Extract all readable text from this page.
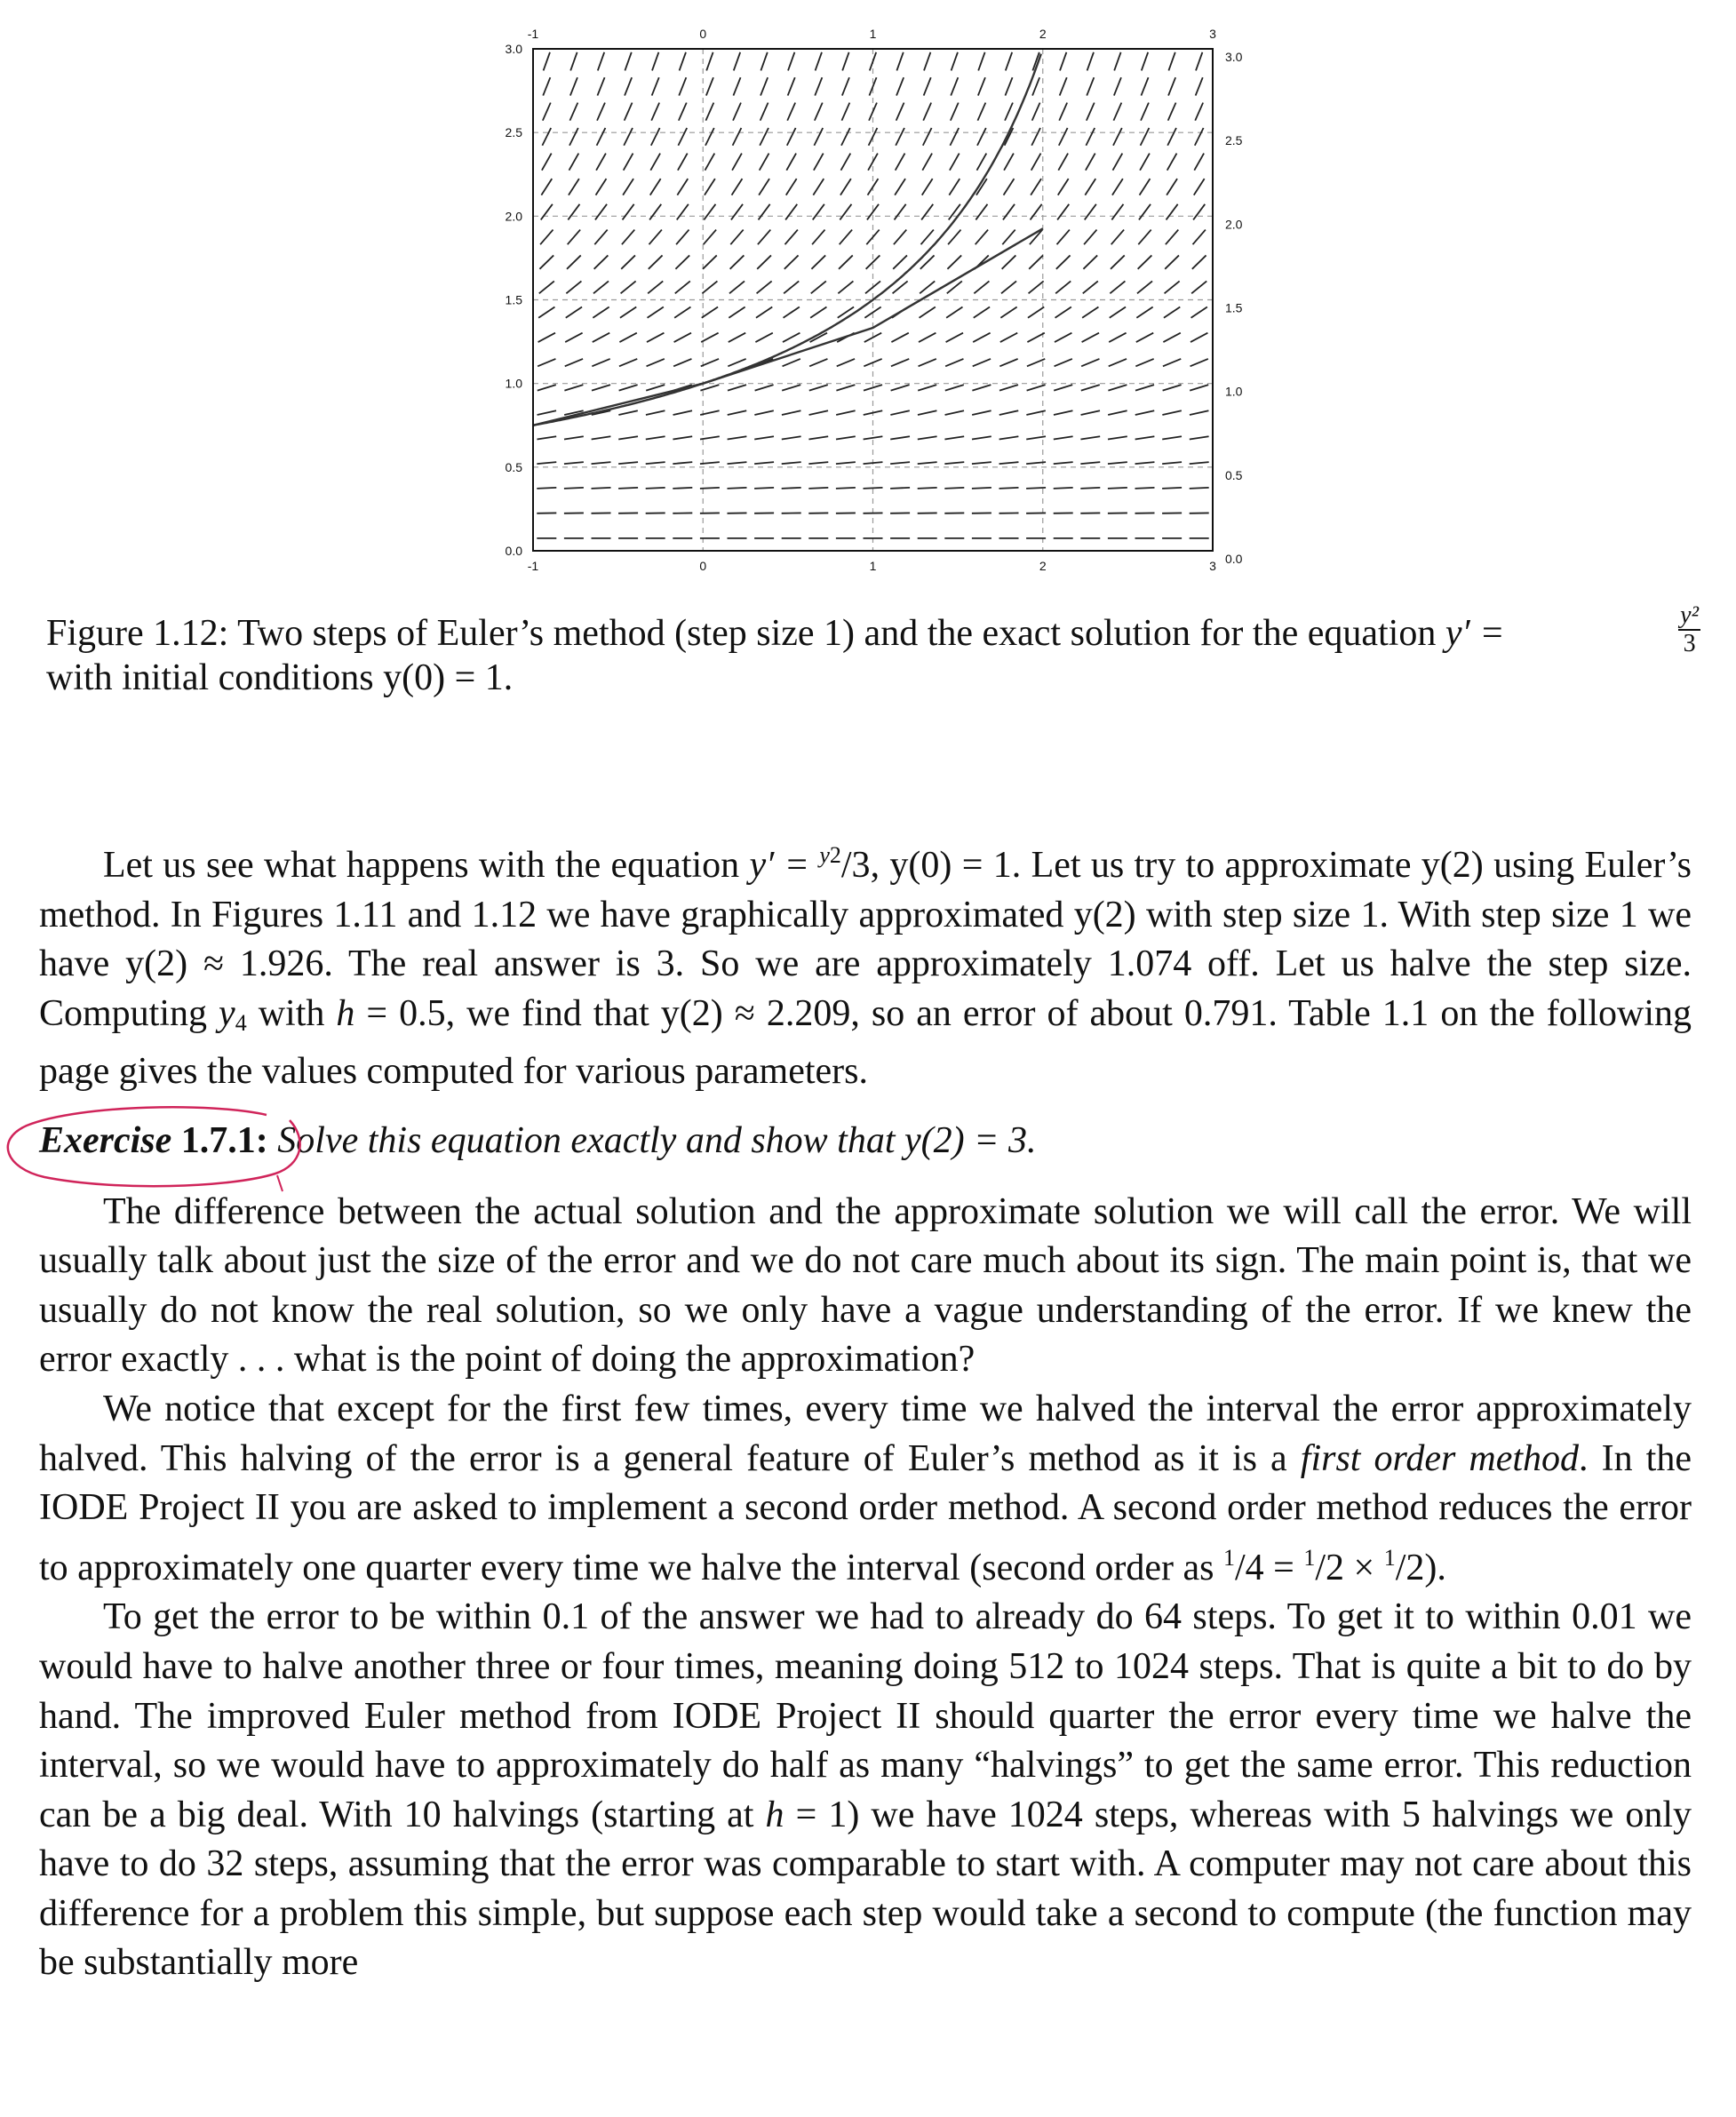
-1	0	1	2	3
-1	0	1	2	3
0.0
0.5
1.0
1.5
2.0
2.5
3.0
0.0
0.5
1.0
1.5
2.0
2.5
3.0
Figure 1.12: Two steps of Euler’s method (step size 1) and the exact solution for the equation y′ =	$\frac{\text{y²}}{3}$

with initial conditions y(0) = 1.

Let us see what happens with the equation y′ = $^{y2}$/3, y(0) = 1. Let us try to approximate y(2) using Euler’s method. In Figures 1.11 and 1.12 we have graphically approximated y(2) with step size 1. With step size 1 we have y(2) ≈ 1.926. The real answer is 3. So we are approximately 1.074 off. Let us halve the step size. Computing $y_4$ with h = 0.5, we find that y(2) ≈ 2.209, so an error of about 0.791. Table 1.1 on the following page gives the values computed for various parameters.

Exercise 1.7.1: Solve this equation exactly and show that y(2) = 3.

The difference between the actual solution and the approximate solution we will call the error. We will usually talk about just the size of the error and we do not care much about its sign. The main point is, that we usually do not know the real solution, so we only have a vague understanding of the error. If we knew the error exactly . . . what is the point of doing the approximation?

We notice that except for the first few times, every time we halved the interval the error approximately halved. This halving of the error is a general feature of Euler’s method as it is a first order method. In the IODE Project II you are asked to implement a second order method. A second order method reduces the error to approximately one quarter every time we halve the interval (second order as $^1$/4 = $^1$/2 × $^1$/2).

To get the error to be within 0.1 of the answer we had to already do 64 steps. To get it to within 0.01 we would have to halve another three or four times, meaning doing 512 to 1024 steps. That is quite a bit to do by hand. The improved Euler method from IODE Project II should quarter the error every time we halve the interval, so we would have to approximately do half as many “halvings” to get the same error. This reduction can be a big deal. With 10 halvings (starting at h = 1) we have 1024 steps, whereas with 5 halvings we only have to do 32 steps, assuming that the error was comparable to start with. A computer may not care about this difference for a problem this simple, but suppose each step would take a second to compute (the function may be substantially more
